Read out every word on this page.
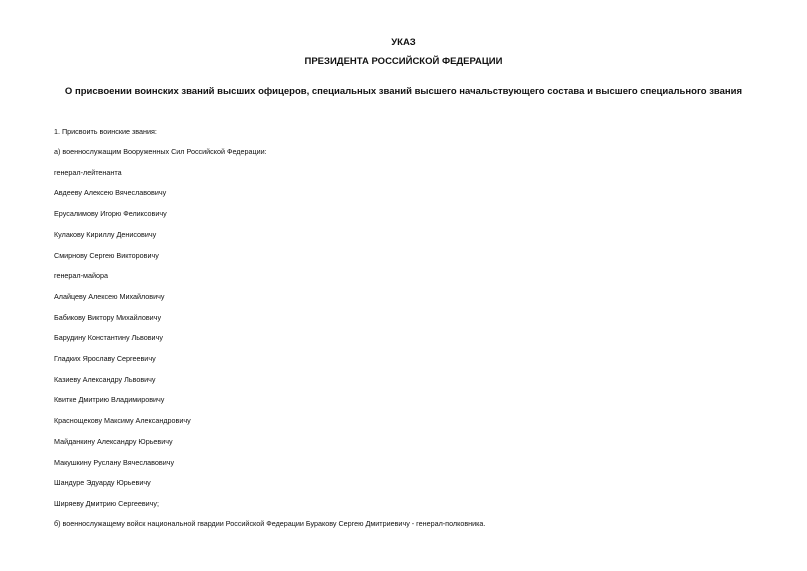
УКАЗ
ПРЕЗИДЕНТА РОССИЙСКОЙ ФЕДЕРАЦИИ
О присвоении воинских званий высших офицеров, специальных званий высшего начальствующего состава и высшего специального звания
1. Присвоить воинские звания:
а) военнослужащим Вооруженных Сил Российской Федерации:
генерал-лейтенанта
Авдееву Алексею Вячеславовичу
Ерусалимову Игорю Феликсовичу
Кулакову Кириллу Денисовичу
Смирнову Сергею Викторовичу
генерал-майора
Алайцеву Алексею Михайловичу
Бабикову Виктору Михайловичу
Барудину Константину Львовичу
Гладких Ярославу Сергеевичу
Казиеву Александру Львовичу
Квитке Дмитрию Владимировичу
Краснощекову Максиму Александровичу
Майданкину Александру Юрьевичу
Макушкину Руслану Вячеславовичу
Шандуре Эдуарду Юрьевичу
Ширяеву Дмитрию Сергеевичу;
б) военнослужащему войск национальной гвардии Российской Федерации Буракову Сергею Дмитриевичу - генерал-полковника.
